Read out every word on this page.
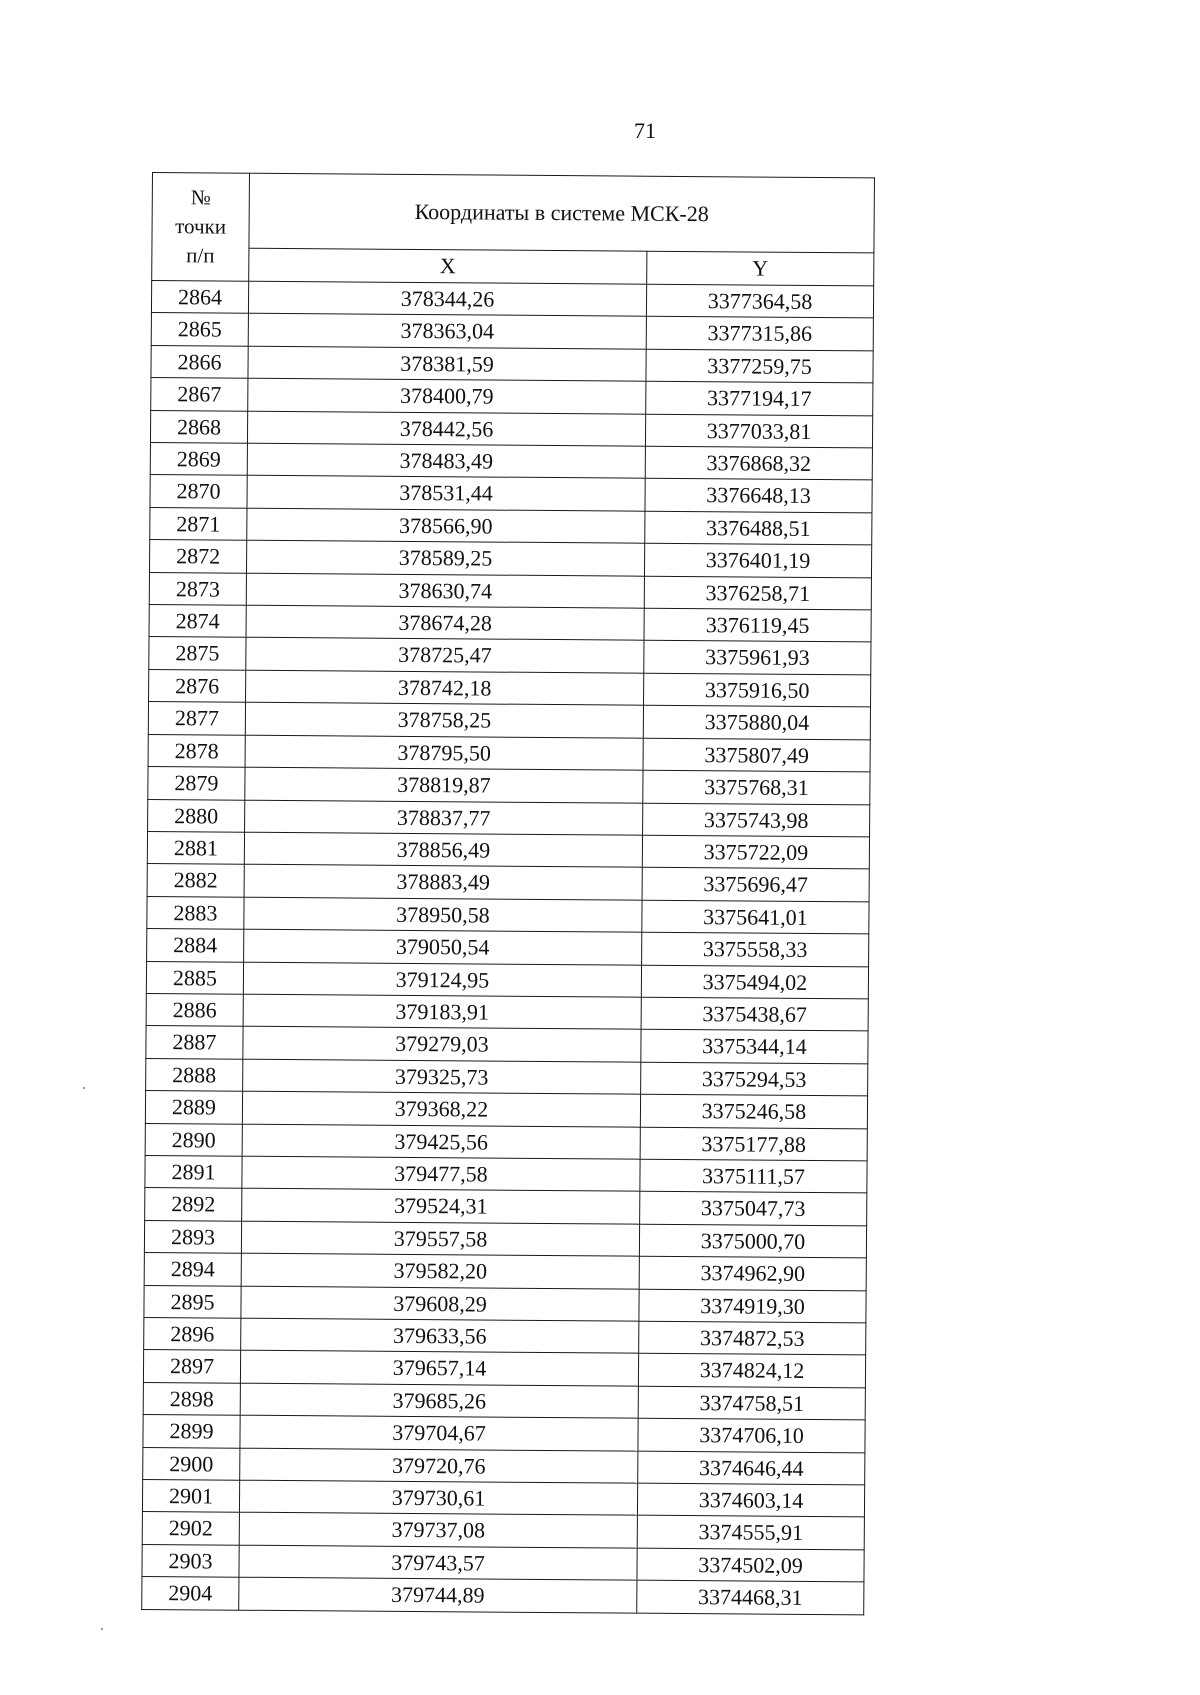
71
№
точки
п/п	Координаты в системе МСК-28	
	X	Y
2864	378344,26	3377364,58
2865	378363,04	3377315,86
2866	378381,59	3377259,75
2867	378400,79	3377194,17
2868	378442,56	3377033,81
2869	378483,49	3376868,32
2870	378531,44	3376648,13
2871	378566,90	3376488,51
2872	378589,25	3376401,19
2873	378630,74	3376258,71
2874	378674,28	3376119,45
2875	378725,47	3375961,93
2876	378742,18	3375916,50
2877	378758,25	3375880,04
2878	378795,50	3375807,49
2879	378819,87	3375768,31
2880	378837,77	3375743,98
2881	378856,49	3375722,09
2882	378883,49	3375696,47
2883	378950,58	3375641,01
2884	379050,54	3375558,33
2885	379124,95	3375494,02
2886	379183,91	3375438,67
2887	379279,03	3375344,14
2888	379325,73	3375294,53
2889	379368,22	3375246,58
2890	379425,56	3375177,88
2891	379477,58	3375111,57
2892	379524,31	3375047,73
2893	379557,58	3375000,70
2894	379582,20	3374962,90
2895	379608,29	3374919,30
2896	379633,56	3374872,53
2897	379657,14	3374824,12
2898	379685,26	3374758,51
2899	379704,67	3374706,10
2900	379720,76	3374646,44
2901	379730,61	3374603,14
2902	379737,08	3374555,91
2903	379743,57	3374502,09
2904	379744,89	3374468,31
